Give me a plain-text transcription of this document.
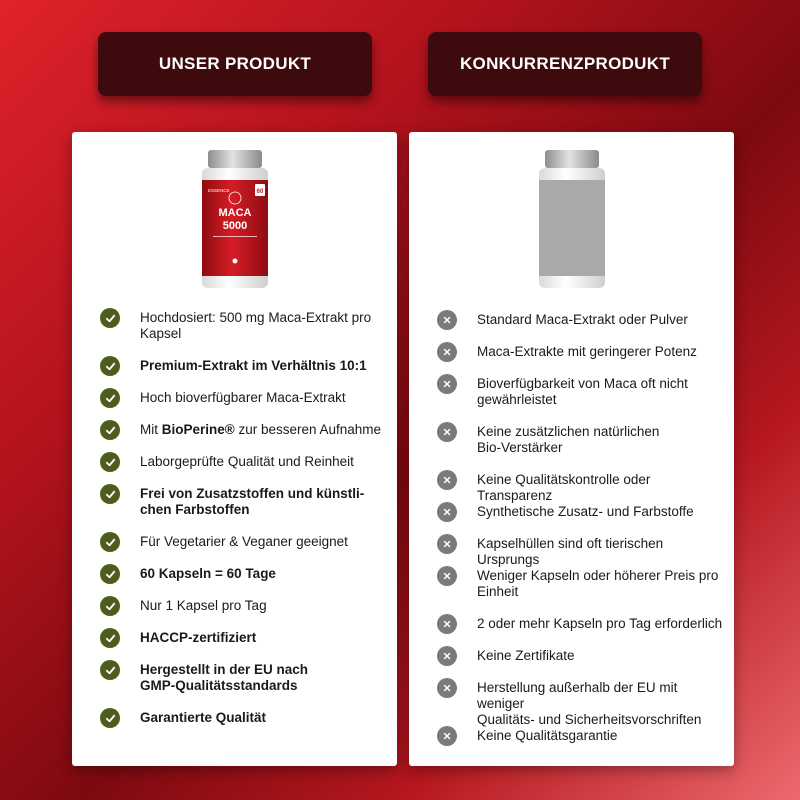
UNSER PRODUKT	KONKURRENZPRODUKT
ESSENCE	60
MACA
5000
Hochdosiert: 500 mg Maca-Extrakt pro
Kapsel
Premium-Extrakt im Verhältnis 10:1
Hoch bioverfügbarer Maca-Extrakt
Mit BioPerine® zur besseren Aufnahme
Laborgeprüfte Qualität und Reinheit
Frei von Zusatzstoffen und künstli-
chen Farbstoffen
Für Vegetarier & Veganer geeignet
60 Kapseln = 60 Tage
Nur 1 Kapsel pro Tag
HACCP-zertifiziert
Hergestellt in der EU nach
GMP-Qualitätsstandards
Garantierte Qualität
Standard Maca-Extrakt oder Pulver
Maca-Extrakte mit geringerer Potenz
Bioverfügbarkeit von Maca oft nicht
gewährleistet
Keine zusätzlichen natürlichen
Bio-Verstärker
Keine Qualitätskontrolle oder Transparenz
Synthetische Zusatz- und Farbstoffe
Kapselhüllen sind oft tierischen Ursprungs
Weniger Kapseln oder höherer Preis pro
Einheit
2 oder mehr Kapseln pro Tag erforderlich
Keine Zertifikate
Herstellung außerhalb der EU mit weniger
Qualitäts- und Sicherheitsvorschriften
Keine Qualitätsgarantie
